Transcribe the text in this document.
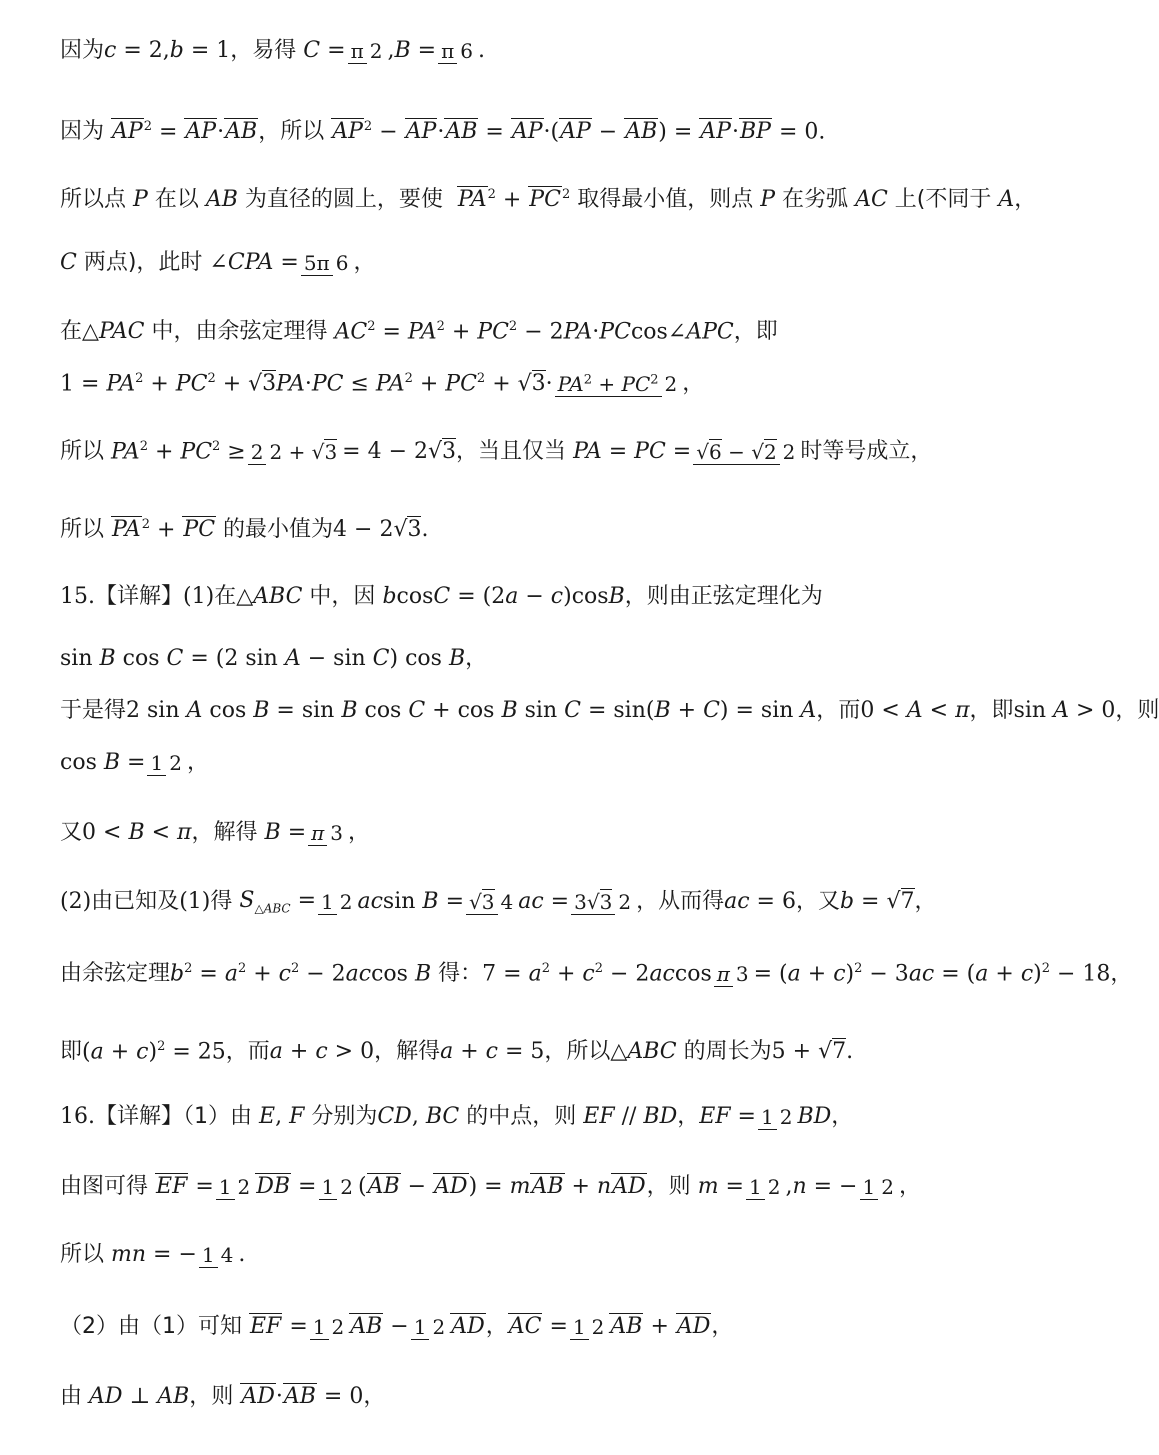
因为c = 2,b = 1，易得 C = π 2 ,B = π 6 .
因为 $AP^2 = AP\cdot AB$，所以 $AP^2 - AP\cdot AB = AP\cdot(AP - AB) = AP\cdot BP = 0$.
所以点 P 在以 AB 为直径的圆上，要使 $PA^2 + PC^2$ 取得最小值，则点 P 在劣弧 AC 上(不同于 A，
C 两点)，此时 ∠CPA = 5π 6 ，
在△PAC 中，由余弦定理得 $AC^2 = PA^2 + PC^2$ − 2PA·PCcos∠APC，即
$1 = PA^2 + PC^2 + √3PA\cdot PC \le PA^2 + PC^2 + √3\cdot PA^2 + PC^2$ 2 ，
所以 $PA^2 + PC^2 \ge 2$ 2 + √3 = 4 − 2√3，当且仅当 PA = PC = √6 − √2 2 时等号成立，
所以 $PA^2$ + PC 的最小值为4 − 2√3.
15.【详解】(1)在△ABC 中，因 bcosC = (2a − c)cosB，则由正弦定理化为
sin B cos C = (2 sin A − sin C) cos B，
于是得2 sin A cos B = sin B cos C + cos B sin C = sin(B + C) = sin A，而0 < A < π，即sin A > 0，则
cos B = 1 2 ，
又0 < B < π，解得 B = π 3 ，
(2)由已知及(1)得 $S_{\triangle ABC} = 1$ 2 acsin B = √3 4 ac = 3√3 2 ，从而得ac = 6，又b = √7，
由余弦定理$b^2 = a^2 + c^2 - 2accos$ B 得：$7 = a^2 + c^2 - 2accos$ π $3 = (a + c)^2 - 3ac = (a + c)^2 - 18$，
即$(a + c)^2 = 25$，而a + c > 0，解得a + c = 5，所以△ABC 的周长为5 + √7.
16.【详解】（1）由 E, F 分别为CD, BC 的中点，则 EF // BD，EF = 1 2 BD，
由图可得 EF = 1 2 DB = 1 2 (AB − AD) = mAB + nAD，则 m = 1 2 ,n = − 1 2 ，
所以 mn = − 1 4 .
（2）由（1）可知 EF = 1 2 AB − 1 2 AD，AC = 1 2 AB + AD，
由 AD ⊥ AB，则 AD·AB = 0，
